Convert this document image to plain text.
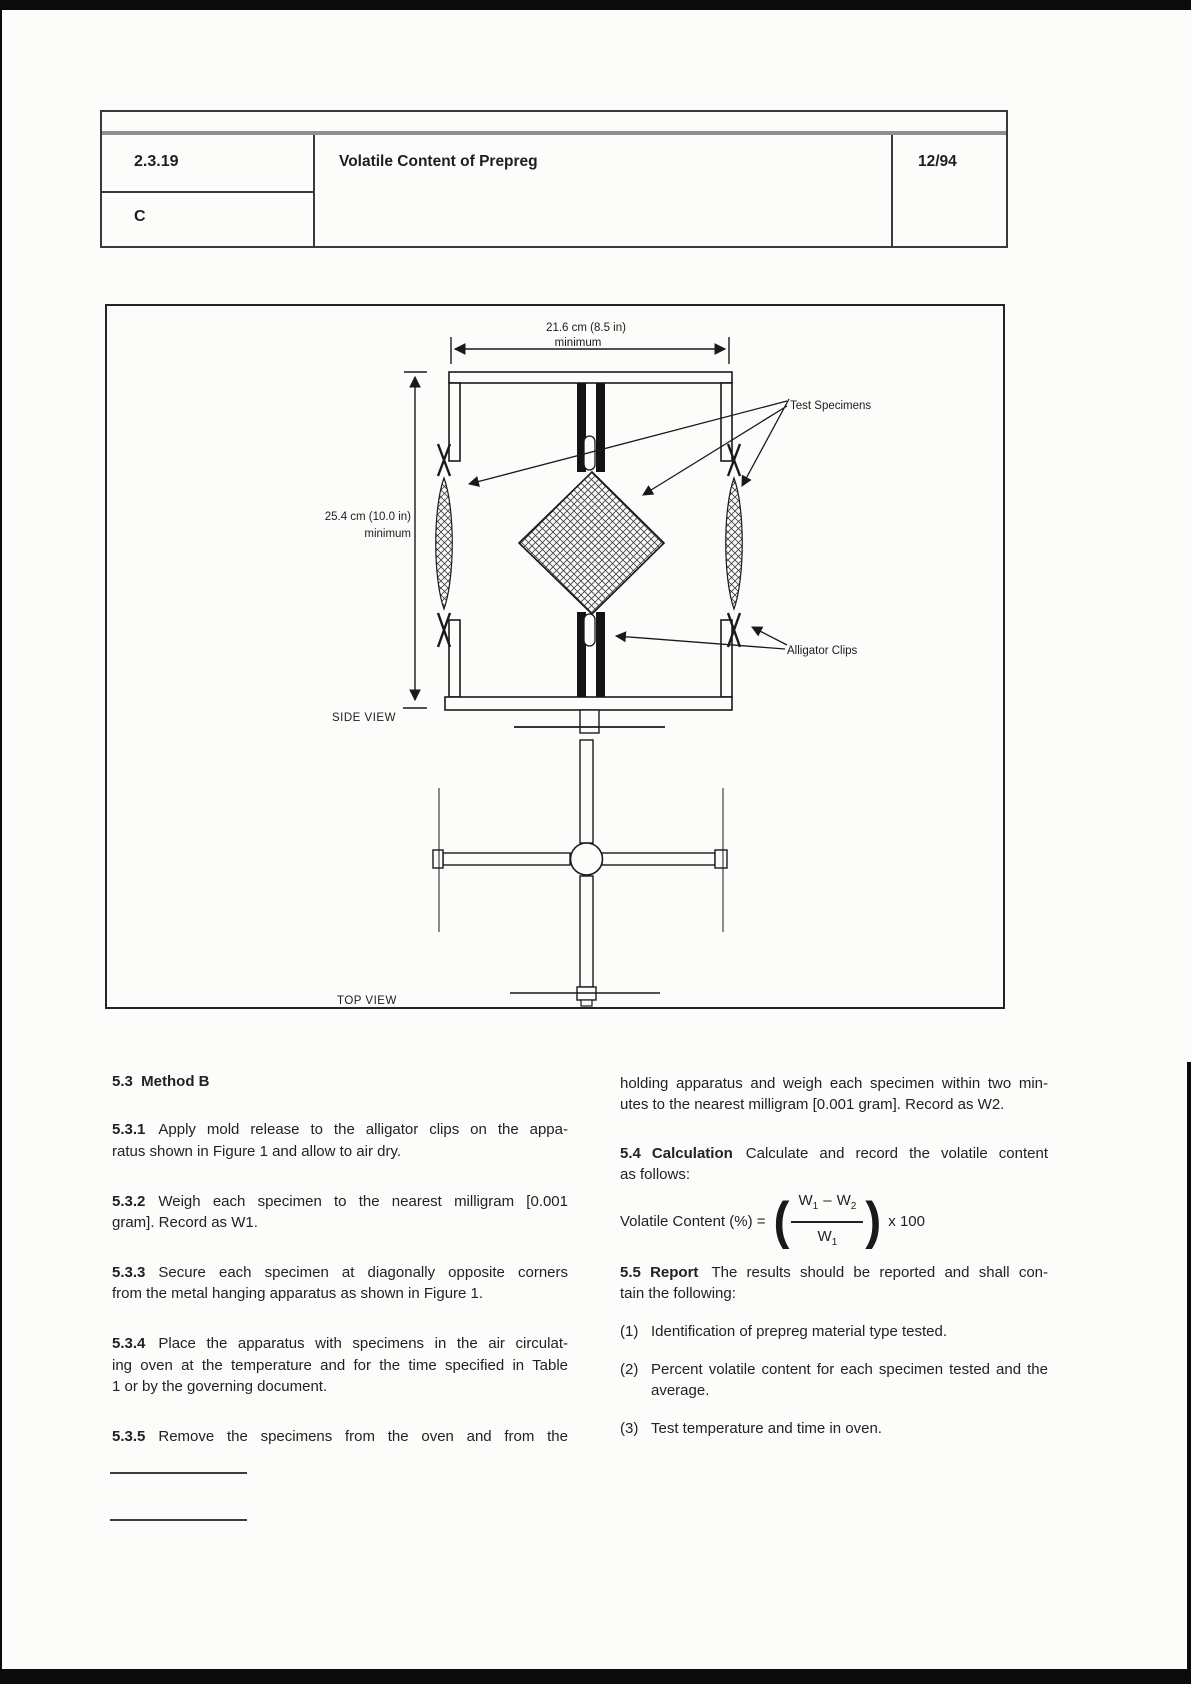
2.3.19
C
Volatile Content of Prepreg	12/94
21.6 cm (8.5 in)
minimum
25.4 cm (10.0 in)
minimum
Test Specimens
Alligator Clips
SIDE VIEW
TOP VIEW
5.3  Method B
5.3.1 Apply mold release to the alligator clips on the appa-
ratus shown in Figure 1 and allow to air dry.
5.3.2 Weigh each specimen to the nearest milligram [0.001
gram]. Record as W1.
5.3.3 Secure each specimen at diagonally opposite corners
from the metal hanging apparatus as shown in Figure 1.
5.3.4 Place the apparatus with specimens in the air circulat-
ing oven at the temperature and for the time specified in Table
1 or by the governing document.
5.3.5 Remove the specimens from the oven and from the
holding apparatus and weigh each specimen within two min-
utes to the nearest milligram [0.001 gram]. Record as W2.
5.4 Calculation Calculate and record the volatile content
as follows:
Volatile Content (%) = ( $\frac{W_1 - W_2}{W_1}$ ) x 100
5.5 Report The results should be reported and shall con-
tain the following:
(1) Identification of prepreg material type tested.
(2) Percent volatile content for each specimen tested and the
average.
(3) Test temperature and time in oven.
